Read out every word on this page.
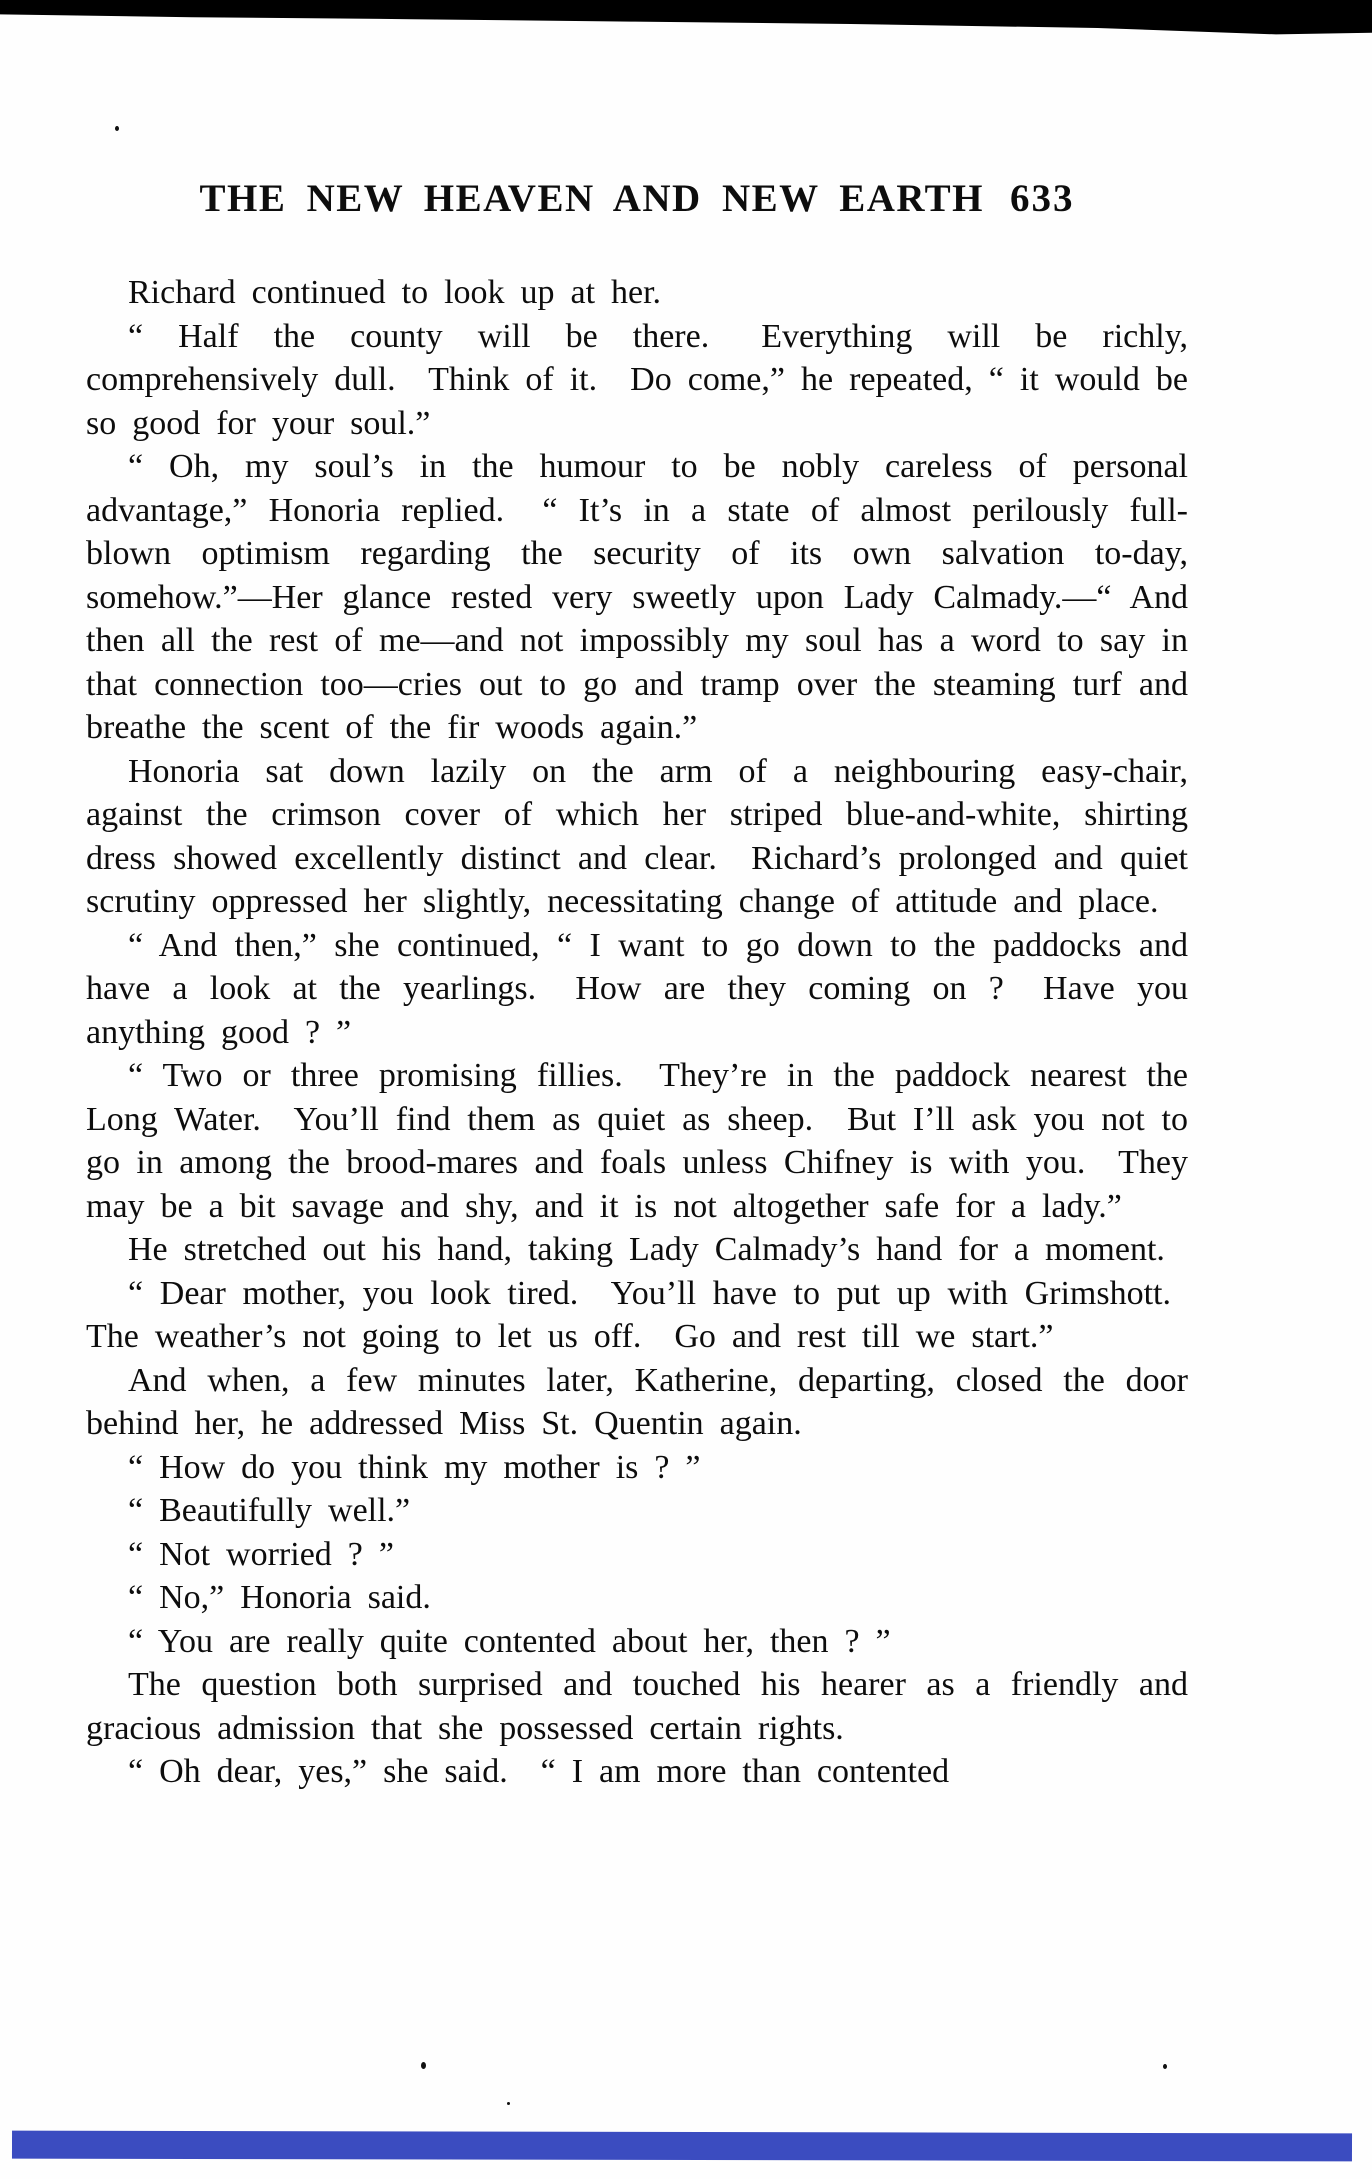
THE NEW HEAVEN AND NEW EARTH 633

Richard continued to look up at her.

“ Half the county will be there.  Everything will be richly, comprehensively dull.  Think of it.  Do come,” he repeated, “ it would be so good for your soul.”

“ Oh, my soul’s in the humour to be nobly careless of personal advantage,” Honoria replied.  “ It’s in a state of almost perilously full-blown optimism regarding the security of its own salvation to-day, somehow.”—Her glance rested very sweetly upon Lady Calmady.—“ And then all the rest of me—and not impossibly my soul has a word to say in that connection too—cries out to go and tramp over the steaming turf and breathe the scent of the fir woods again.”

Honoria sat down lazily on the arm of a neighbouring easy-chair, against the crimson cover of which her striped blue-and-white, shirting dress showed excellently distinct and clear.  Richard’s prolonged and quiet scrutiny oppressed her slightly, necessitating change of attitude and place.

“ And then,” she continued, “ I want to go down to the paddocks and have a look at the yearlings.  How are they coming on ?  Have you anything good ? ”

“ Two or three promising fillies.  They’re in the paddock nearest the Long Water.  You’ll find them as quiet as sheep.  But I’ll ask you not to go in among the brood-mares and foals unless Chifney is with you.  They may be a bit savage and shy, and it is not altogether safe for a lady.”

He stretched out his hand, taking Lady Calmady’s hand for a moment.

“ Dear mother, you look tired.  You’ll have to put up with Grimshott.  The weather’s not going to let us off.  Go and rest till we start.”

And when, a few minutes later, Katherine, departing, closed the door behind her, he addressed Miss St. Quentin again.

“ How do you think my mother is ? ”

“ Beautifully well.”

“ Not worried ? ”

“ No,” Honoria said.

“ You are really quite contented about her, then ? ”

The question both surprised and touched his hearer as a friendly and gracious admission that she possessed certain rights.

“ Oh dear, yes,” she said.  “ I am more than contented
